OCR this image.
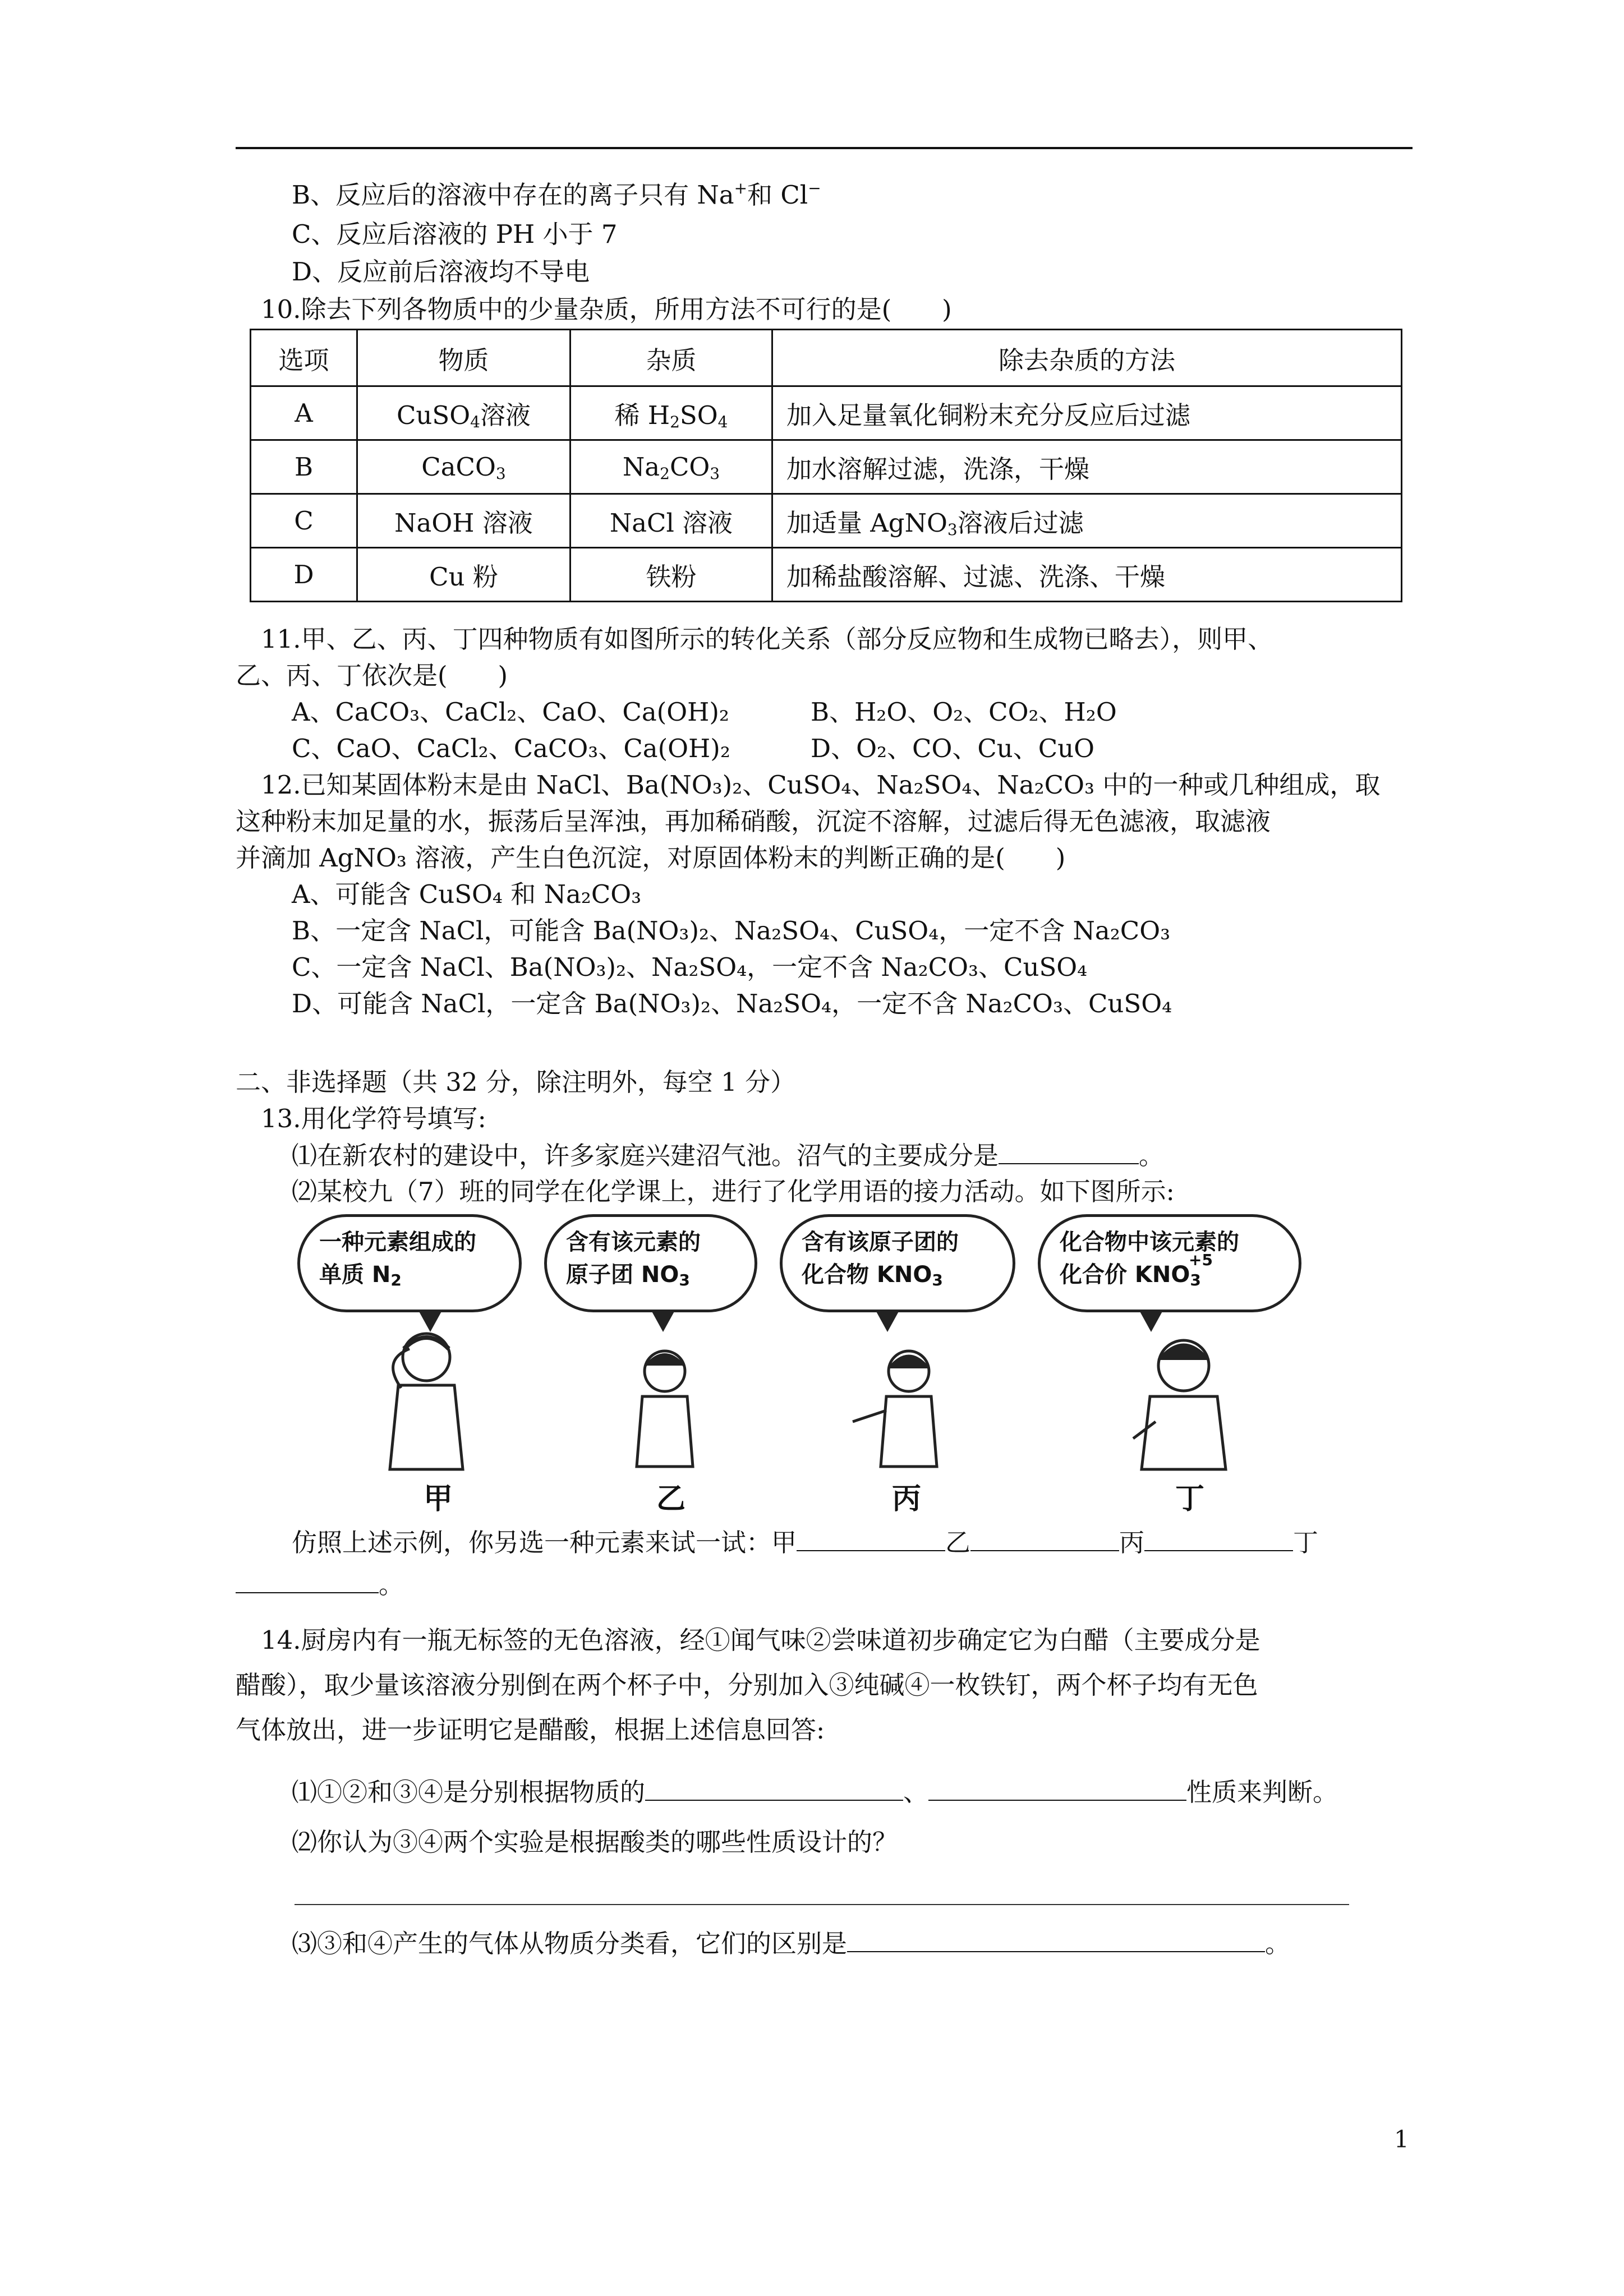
B、反应后的溶液中存在的离子只有 Na+和 Cl−
C、反应后溶液的 PH 小于 7
D、反应前后溶液均不导电
10.除去下列各物质中的少量杂质，所用方法不可行的是(　　)
选项	物质	杂质	除去杂质的方法
A	CuSO$_4$溶液	稀 $H_2SO_4$	加入足量氧化铜粉末充分反应后过滤
B	CaCO$_3$	$Na_2CO_3$	加水溶解过滤，洗涤，干燥
C	NaOH 溶液	NaCl 溶液	加适量 AgNO$_3$溶液后过滤
D	Cu 粉	铁粉	加稀盐酸溶解、过滤、洗涤、干燥
11.甲、乙、丙、丁四种物质有如图所示的转化关系（部分反应物和生成物已略去），则甲、
乙、丙、丁依次是(　　)
A、CaCO₃、CaCl₂、CaO、Ca(OH)₂	B、H₂O、O₂、CO₂、H₂O
C、CaO、CaCl₂、CaCO₃、Ca(OH)₂	D、O₂、CO、Cu、CuO
12.已知某固体粉末是由 NaCl、Ba(NO₃)₂、CuSO₄、Na₂SO₄、Na₂CO₃ 中的一种或几种组成，取
这种粉末加足量的水，振荡后呈浑浊，再加稀硝酸，沉淀不溶解，过滤后得无色滤液，取滤液
并滴加 AgNO₃ 溶液，产生白色沉淀，对原固体粉末的判断正确的是(　　)
A、可能含 CuSO₄ 和 Na₂CO₃
B、一定含 NaCl，可能含 Ba(NO₃)₂、Na₂SO₄、CuSO₄，一定不含 Na₂CO₃
C、一定含 NaCl、Ba(NO₃)₂、Na₂SO₄，一定不含 Na₂CO₃、CuSO₄
D、可能含 NaCl，一定含 Ba(NO₃)₂、Na₂SO₄，一定不含 Na₂CO₃、CuSO₄
二、非选择题（共 32 分，除注明外，每空 1 分）
13.用化学符号填写:
⑴在新农村的建设中，许多家庭兴建沼气池。沼气的主要成分是	。
⑵某校九（7）班的同学在化学课上，进行了化学用语的接力活动。如下图所示:
一种元素组成的
单质 $N_2$
含有该元素的
原子团 $NO_3$
含有该原子团的
化合物 $KNO_3$
化合物中该元素的
化合价 $KNO_3$
+5
甲	乙	丙	丁
仿照上述示例，你另选一种元素来试一试：甲	乙	丙	丁
。
14.厨房内有一瓶无标签的无色溶液，经①闻气味②尝味道初步确定它为白醋（主要成分是
醋酸），取少量该溶液分别倒在两个杯子中，分别加入③纯碱④一枚铁钉，两个杯子均有无色
气体放出，进一步证明它是醋酸，根据上述信息回答:
⑴①②和③④是分别根据物质的	、	性质来判断。
⑵你认为③④两个实验是根据酸类的哪些性质设计的？
⑶③和④产生的气体从物质分类看，它们的区别是	。
1
